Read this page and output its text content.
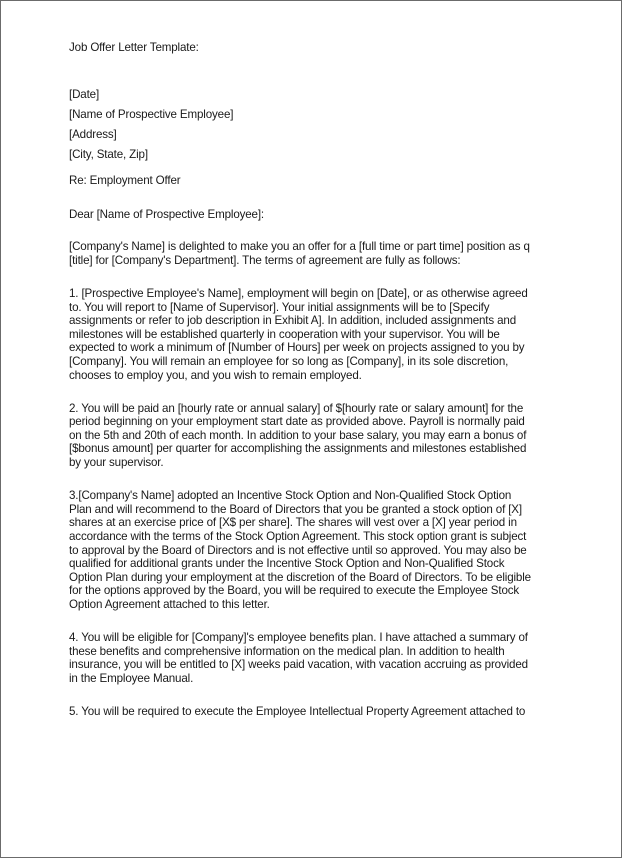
Job Offer Letter Template:

[Date]

[Name of Prospective Employee]

[Address]

[City, State, Zip]

Re: Employment Offer

Dear [Name of Prospective Employee]:

[Company's Name] is delighted to make you an offer for a [full time or part time] position as q
[title] for [Company's Department]. The terms of agreement are fully as follows:

1. [Prospective Employee's Name], employment will begin on [Date], or as otherwise agreed
to. You will report to [Name of Supervisor]. Your initial assignments will be to [Specify
assignments or refer to job description in Exhibit A]. In addition, included assignments and
milestones will be established quarterly in cooperation with your supervisor. You will be
expected to work a minimum of [Number of Hours] per week on projects assigned to you by
[Company]. You will remain an employee for so long as [Company], in its sole discretion,
chooses to employ you, and you wish to remain employed.

2. You will be paid an [hourly rate or annual salary] of $[hourly rate or salary amount] for the
period beginning on your employment start date as provided above. Payroll is normally paid
on the 5th and 20th of each month. In addition to your base salary, you may earn a bonus of
[$bonus amount] per quarter for accomplishing the assignments and milestones established
by your supervisor.

3.[Company's Name] adopted an Incentive Stock Option and Non-Qualified Stock Option
Plan and will recommend to the Board of Directors that you be granted a stock option of [X]
shares at an exercise price of [X$ per share]. The shares will vest over a [X] year period in
accordance with the terms of the Stock Option Agreement. This stock option grant is subject
to approval by the Board of Directors and is not effective until so approved. You may also be
qualified for additional grants under the Incentive Stock Option and Non-Qualified Stock
Option Plan during your employment at the discretion of the Board of Directors. To be eligible
for the options approved by the Board, you will be required to execute the Employee Stock
Option Agreement attached to this letter.

4. You will be eligible for [Company]'s employee benefits plan. I have attached a summary of
these benefits and comprehensive information on the medical plan. In addition to health
insurance, you will be entitled to [X] weeks paid vacation, with vacation accruing as provided
in the Employee Manual.

5. You will be required to execute the Employee Intellectual Property Agreement attached to
